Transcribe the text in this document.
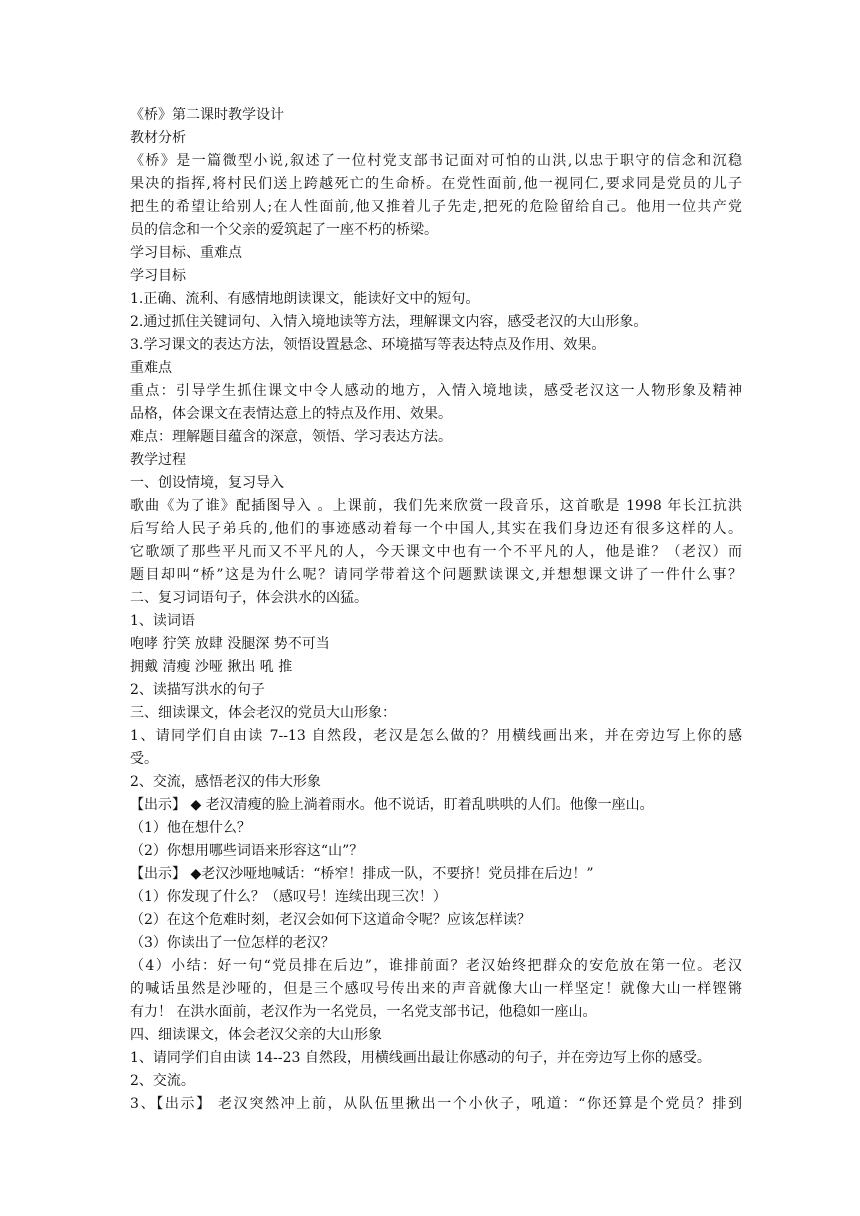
《桥》第二课时教学设计
教材分析
《桥》是一篇微型小说,叙述了一位村党支部书记面对可怕的山洪,以忠于职守的信念和沉稳
果决的指挥,将村民们送上跨越死亡的生命桥。在党性面前,他一视同仁,要求同是党员的儿子
把生的希望让给别人;在人性面前,他又推着儿子先走,把死的危险留给自己。他用一位共产党
员的信念和一个父亲的爱筑起了一座不朽的桥梁。
学习目标、重难点
学习目标
1.正确、流利、有感情地朗读课文，能读好文中的短句。
2.通过抓住关键词句、入情入境地读等方法，理解课文内容，感受老汉的大山形象。
3.学习课文的表达方法，领悟设置悬念、环境描写等表达特点及作用、效果。
重难点
重点：引导学生抓住课文中令人感动的地方，入情入境地读，感受老汉这一人物形象及精神
品格，体会课文在表情达意上的特点及作用、效果。
难点：理解题目蕴含的深意，领悟、学习表达方法。
教学过程
一、创设情境，复习导入
歌曲《为了谁》配插图导入 。上课前，我们先来欣赏一段音乐，这首歌是 1998 年长江抗洪
后写给人民子弟兵的,他们的事迹感动着每一个中国人,其实在我们身边还有很多这样的人。
它歌颂了那些平凡而又不平凡的人，今天课文中也有一个不平凡的人，他是谁？（老汉）而
题目却叫“桥”这是为什么呢？请同学带着这个问题默读课文,并想想课文讲了一件什么事？
二、复习词语句子，体会洪水的凶猛。
1、读词语
咆哮 狞笑 放肆 没腿深 势不可当
拥戴 清瘦 沙哑 揪出 吼 推
2、读描写洪水的句子
三、细读课文，体会老汉的党员大山形象：
1、请同学们自由读 7--13 自然段，老汉是怎么做的？用横线画出来，并在旁边写上你的感
受。
2、交流，感悟老汉的伟大形象
【出示】 ◆ 老汉清瘦的脸上淌着雨水。他不说话，盯着乱哄哄的人们。他像一座山。
（1）他在想什么？
（2）你想用哪些词语来形容这“山”？
【出示】 ◆老汉沙哑地喊话：“桥窄！排成一队，不要挤！党员排在后边！”
（1）你发现了什么？（感叹号！连续出现三次！）
（2）在这个危难时刻，老汉会如何下这道命令呢？应该怎样读？
（3）你读出了一位怎样的老汉？
（4）小结：好一句“党员排在后边”，谁排前面？老汉始终把群众的安危放在第一位。老汉
的喊话虽然是沙哑的，但是三个感叹号传出来的声音就像大山一样坚定！就像大山一样铿锵
有力！ 在洪水面前，老汉作为一名党员，一名党支部书记，他稳如一座山。
四、细读课文，体会老汉父亲的大山形象
1、请同学们自由读 14--23 自然段，用横线画出最让你感动的句子，并在旁边写上你的感受。
2、交流。
3、【出示】 老汉突然冲上前，从队伍里揪出一个小伙子，吼道：“你还算是个党员？排到
